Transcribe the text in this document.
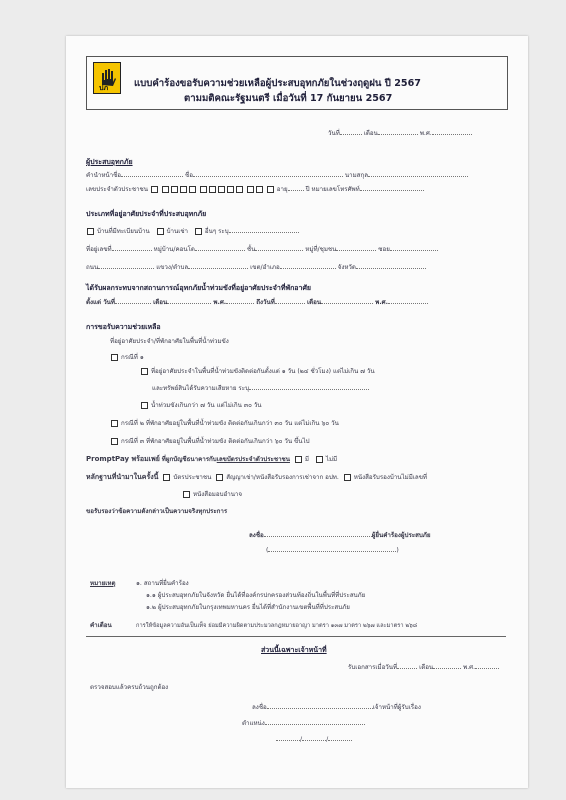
ปภ	แบบคำร้องขอรับความช่วยเหลือผู้ประสบอุทกภัยในช่วงฤดูฝน ปี 2567
ตามมติคณะรัฐมนตรี เมื่อวันที่ 17 กันยายน 2567
วันที่	เดือน	พ.ศ.
ผู้ประสบอุทกภัย
คำนำหน้าชื่อ	ชื่อ	นามสกุล
เลขประจำตัวประชาชน	อายุ	ปี หมายเลขโทรศัพท์
ประเภทที่อยู่อาศัยประจำที่ประสบอุทกภัย
บ้านที่มีทะเบียนบ้าน	บ้านเช่า	อื่นๆ ระบุ
ที่อยู่เลขที่	หมู่บ้าน/คอนโด	ชั้น	หมู่ที่/ชุมชน	ซอย
ถนน	แขวง/ตำบล	เขต/อำเภอ	จังหวัด
ได้รับผลกระทบจากสถานการณ์อุทกภัยน้ำท่วมขังที่อยู่อาศัยประจำที่พักอาศัย
ตั้งแต่ วันที่	เดือน	พ.ศ.	ถึงวันที่	เดือน	พ.ศ.
การขอรับความช่วยเหลือ
ที่อยู่อาศัยประจำ/ที่พักอาศัยในพื้นที่น้ำท่วมขัง
กรณีที่ ๑
ที่อยู่อาศัยประจำในพื้นที่น้ำท่วมขังติดต่อกันตั้งแต่ ๑ วัน (๒๔ ชั่วโมง) แต่ไม่เกิน ๗ วัน
และทรัพย์สินได้รับความเสียหาย ระบุ
น้ำท่วมขังเกินกว่า ๗ วัน แต่ไม่เกิน ๓๐ วัน
กรณีที่ ๒ ที่พักอาศัยอยู่ในพื้นที่น้ำท่วมขัง ติดต่อกันเกินกว่า ๓๐ วัน แต่ไม่เกิน ๖๐ วัน
กรณีที่ ๓ ที่พักอาศัยอยู่ในพื้นที่น้ำท่วมขัง ติดต่อกันเกินกว่า ๖๐ วัน ขึ้นไป
PromptPay พร้อมเพย์ ที่ผูกบัญชีธนาคารกับเลขบัตรประจำตัวประชาชน มี	ไม่มี
หลักฐานที่นำมาในครั้งนี้ บัตรประชาชน สัญญาเช่า/หนังสือรับรองการเช่าจาก อปท. หนังสือรับรองบ้านไม่มีเลขที่
หนังสือมอบอำนาจ
ขอรับรองว่าข้อความดังกล่าวเป็นความจริงทุกประการ
ลงชื่อ	ผู้ยื่นคำร้องผู้ประสบภัย
(	)
หมายเหตุ	๑. สถานที่ยื่นคำร้อง
๑.๑ ผู้ประสบอุทกภัยในจังหวัด ยื่นได้ที่องค์กรปกครองส่วนท้องถิ่นในพื้นที่ที่ประสบภัย
๑.๒ ผู้ประสบอุทกภัยในกรุงเทพมหานคร ยื่นได้ที่สำนักงานเขตพื้นที่ที่ประสบภัย
คำเตือน	การให้ข้อมูลความอันเป็นเท็จ ย่อมมีความผิดตามประมวลกฎหมายอาญา มาตรา ๑๓๗ มาตรา ๒๖๗ และมาตรา ๒๖๘
ส่วนนี้เฉพาะเจ้าหน้าที่
รับเอกสารเมื่อวันที่	เดือน	พ.ศ.
ตรวจสอบแล้วครบถ้วนถูกต้อง
ลงชื่อ	เจ้าหน้าที่ผู้รับเรื่อง
ตำแหน่ง
/	/
